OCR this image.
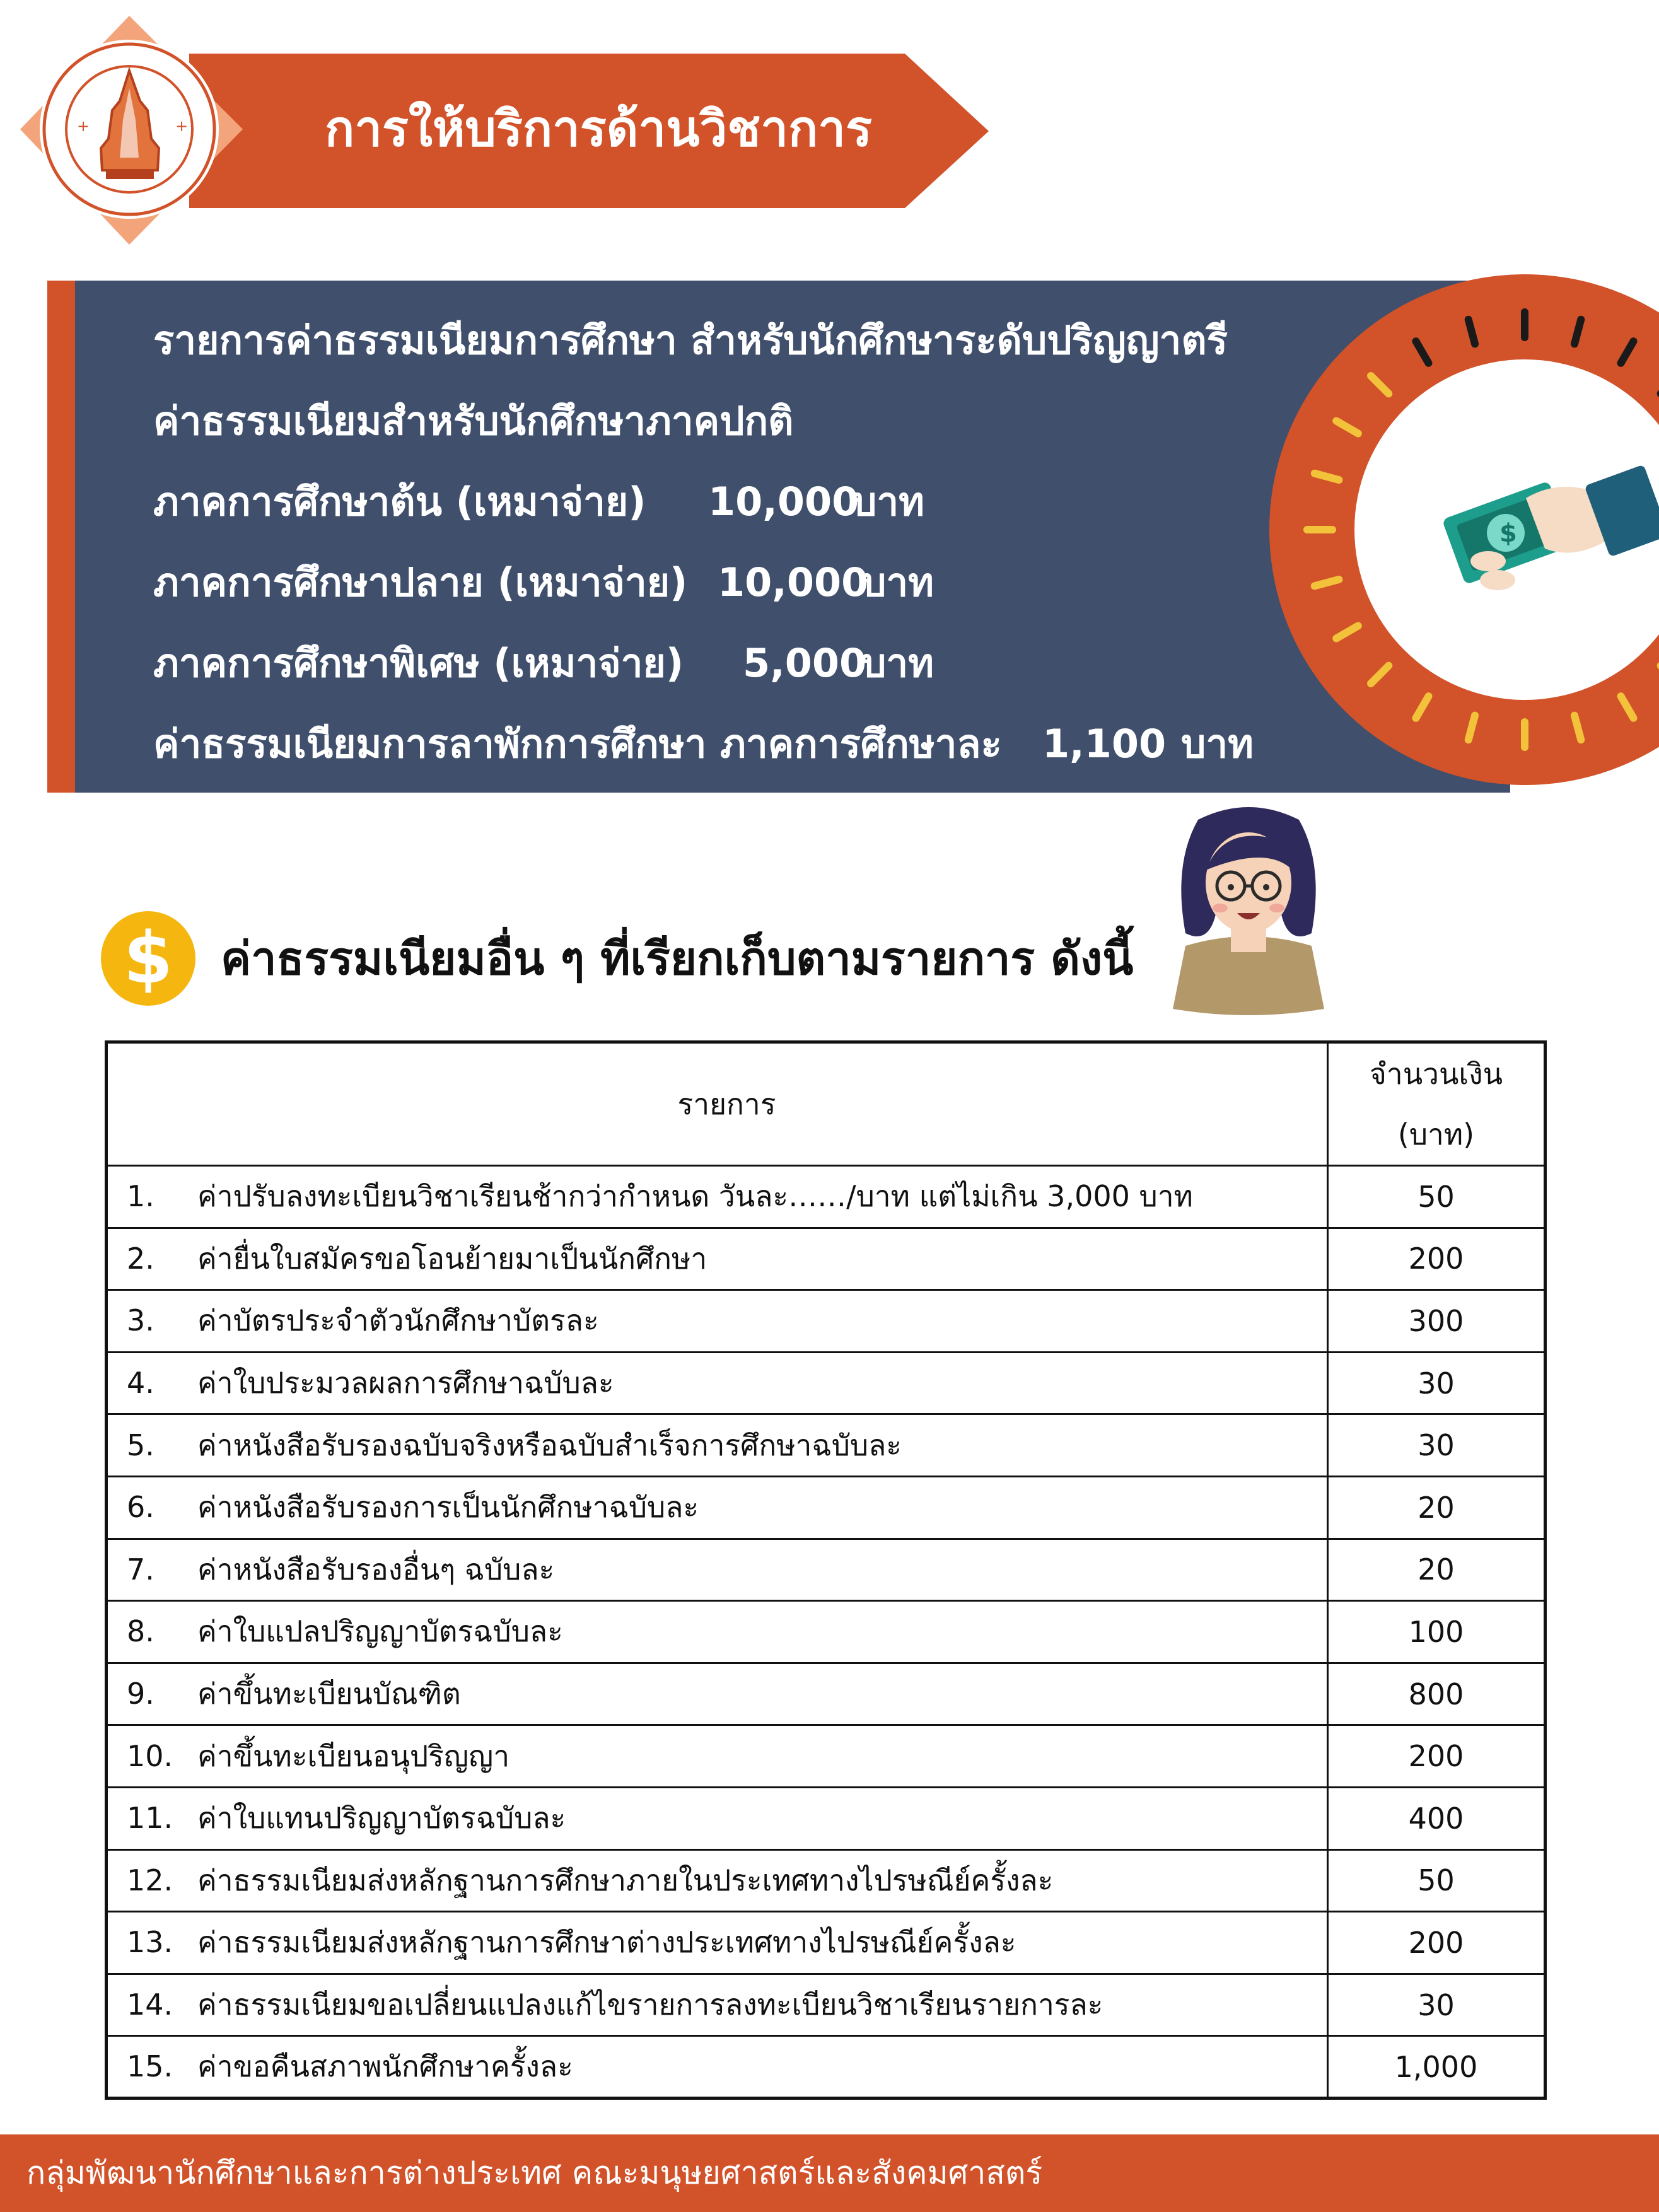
+	+	การให้บริการด้านวิชาการ
รายการค่าธรรมเนียมการศึกษา สำหรับนักศึกษาระดับปริญญาตรี
ค่าธรรมเนียมสำหรับนักศึกษาภาคปกติ
ภาคการศึกษาต้น (เหมาจ่าย) 10,000
บาท
ภาคการศึกษาปลาย (เหมาจ่าย) 10,000
บาท
ภาคการศึกษาพิเศษ (เหมาจ่าย) 5,000
บาท
ค่าธรรมเนียมการลาพักการศึกษา ภาคการศึกษาละ 1,100 บาท
$
$	ค่าธรรมเนียมอื่น ๆ ที่เรียกเก็บตามรายการ ดังนี้
รายการ	จำนวนเงิน
(บาท)

1. ค่าปรับลงทะเบียนวิชาเรียนช้ากว่ากำหนด วันละ……/บาท แต่ไม่เกิน 3,000 บาท	50
2. ค่ายื่นใบสมัครขอโอนย้ายมาเป็นนักศึกษา	200
3. ค่าบัตรประจำตัวนักศึกษาบัตรละ	300
4. ค่าใบประมวลผลการศึกษาฉบับละ	30
5. ค่าหนังสือรับรองฉบับจริงหรือฉบับสำเร็จการศึกษาฉบับละ	30
6. ค่าหนังสือรับรองการเป็นนักศึกษาฉบับละ	20
7. ค่าหนังสือรับรองอื่นๆ ฉบับละ	20
8. ค่าใบแปลปริญญาบัตรฉบับละ	100
9. ค่าขึ้นทะเบียนบัณฑิต	800
10. ค่าขึ้นทะเบียนอนุปริญญา	200
11. ค่าใบแทนปริญญาบัตรฉบับละ	400
12. ค่าธรรมเนียมส่งหลักฐานการศึกษาภายในประเทศทางไปรษณีย์ครั้งละ	50
13. ค่าธรรมเนียมส่งหลักฐานการศึกษาต่างประเทศทางไปรษณีย์ครั้งละ	200
14. ค่าธรรมเนียมขอเปลี่ยนแปลงแก้ไขรายการลงทะเบียนวิชาเรียนรายการละ	30
15. ค่าขอคืนสภาพนักศึกษาครั้งละ	1,000
กลุ่มพัฒนานักศึกษาและการต่างประเทศ คณะมนุษยศาสตร์และสังคมศาสตร์
